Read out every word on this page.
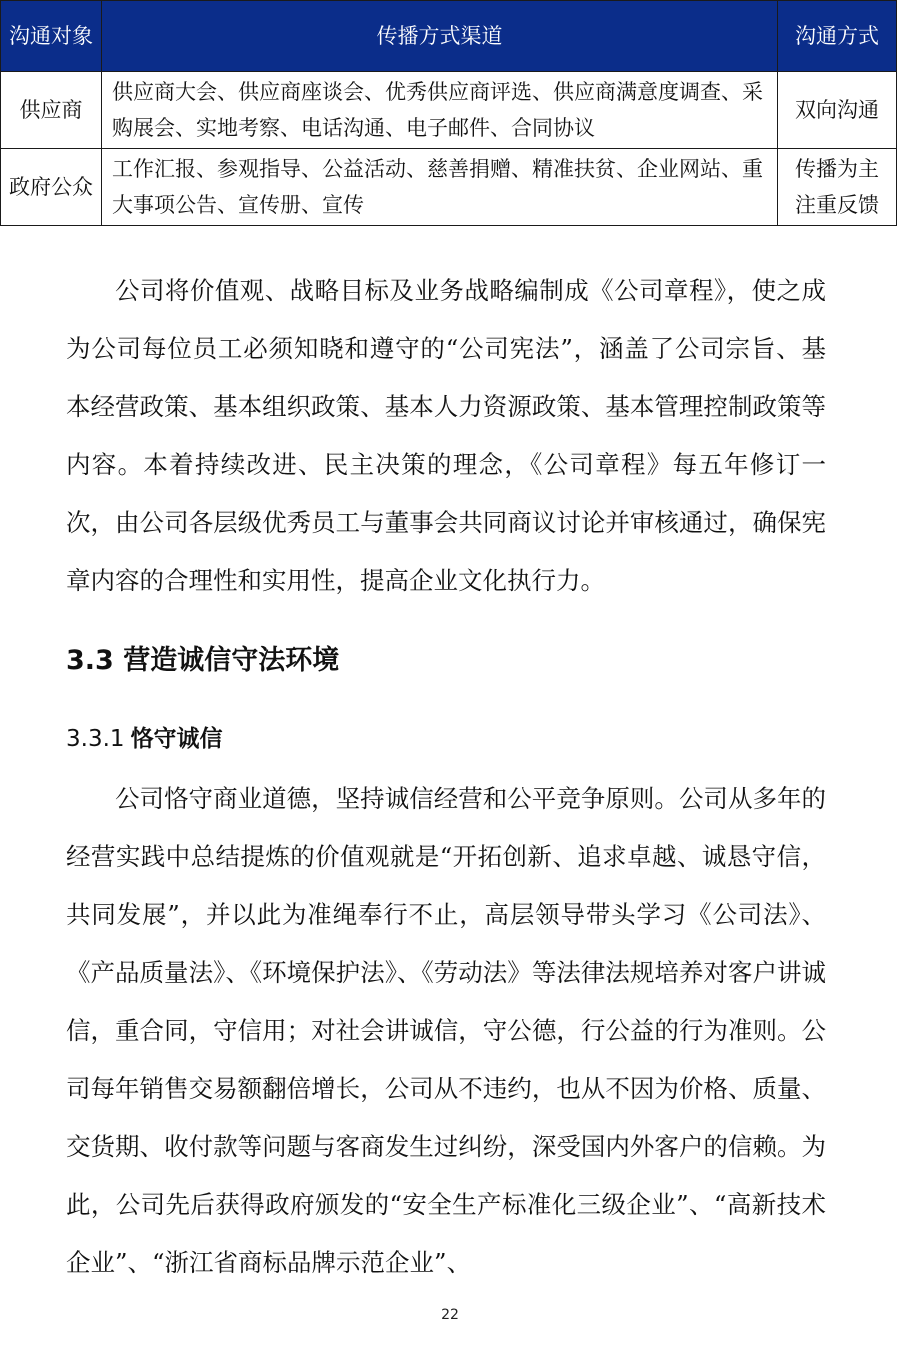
沟通对象	传播方式渠道	沟通方式
供应商	供应商大会、供应商座谈会、优秀供应商评选、供应商满意度调查、采购展会、实地考察、电话沟通、电子邮件、合同协议	双向沟通
政府公众	工作汇报、参观指导、公益活动、慈善捐赠、精准扶贫、企业网站、重大事项公告、宣传册、宣传	传播为主注重反馈

公司将价值观、战略目标及业务战略编制成《公司章程》，使之成为公司每位员工必须知晓和遵守的“公司宪法”，涵盖了公司宗旨、基本经营政策、基本组织政策、基本人力资源政策、基本管理控制政策等内容。本着持续改进、民主决策的理念，《公司章程》每五年修订一次，由公司各层级优秀员工与董事会共同商议讨论并审核通过，确保宪章内容的合理性和实用性，提高企业文化执行力。

3.3 营造诚信守法环境
3.3.1 恪守诚信

公司恪守商业道德，坚持诚信经营和公平竞争原则。公司从多年的经营实践中总结提炼的价值观就是“开拓创新、追求卓越、诚恳守信，共同发展”，并以此为准绳奉行不止，高层领导带头学习《公司法》、《产品质量法》、《环境保护法》、《劳动法》等法律法规培养对客户讲诚信，重合同，守信用；对社会讲诚信，守公德，行公益的行为准则。公司每年销售交易额翻倍增长，公司从不违约，也从不因为价格、质量、交货期、收付款等问题与客商发生过纠纷，深受国内外客户的信赖。为此，公司先后获得政府颁发的“安全生产标准化三级企业”、“高新技术企业”、“浙江省商标品牌示范企业”、

22
